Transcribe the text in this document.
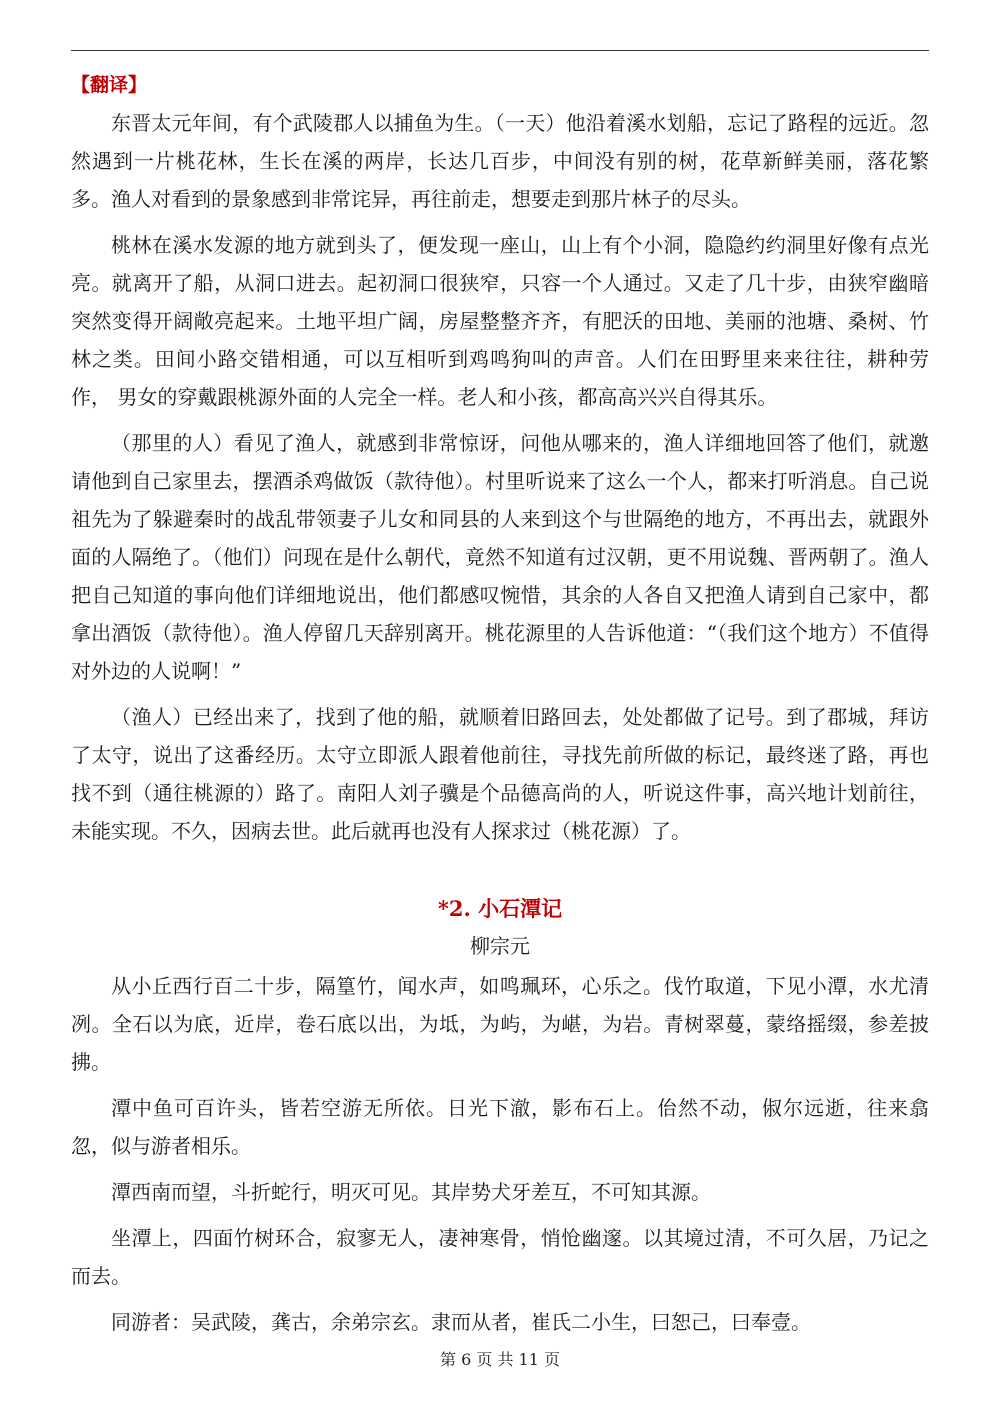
【翻译】

东晋太元年间，有个武陵郡人以捕鱼为生。（一天）他沿着溪水划船，忘记了路程的远近。忽然遇到一片桃花林，生长在溪的两岸，长达几百步，中间没有别的树，花草新鲜美丽，落花繁多。渔人对看到的景象感到非常诧异，再往前走，想要走到那片林子的尽头。

桃林在溪水发源的地方就到头了，便发现一座山，山上有个小洞，隐隐约约洞里好像有点光亮。就离开了船，从洞口进去。起初洞口很狭窄，只容一个人通过。又走了几十步，由狭窄幽暗突然变得开阔敞亮起来。土地平坦广阔，房屋整整齐齐，有肥沃的田地、美丽的池塘、桑树、竹林之类。田间小路交错相通，可以互相听到鸡鸣狗叫的声音。人们在田野里来来往往，耕种劳作， 男女的穿戴跟桃源外面的人完全一样。老人和小孩，都高高兴兴自得其乐。

（那里的人）看见了渔人，就感到非常惊讶，问他从哪来的，渔人详细地回答了他们，就邀请他到自己家里去，摆酒杀鸡做饭（款待他）。村里听说来了这么一个人，都来打听消息。自己说祖先为了躲避秦时的战乱带领妻子儿女和同县的人来到这个与世隔绝的地方，不再出去，就跟外面的人隔绝了。（他们）问现在是什么朝代，竟然不知道有过汉朝，更不用说魏、晋两朝了。渔人把自己知道的事向他们详细地说出，他们都感叹惋惜，其余的人各自又把渔人请到自己家中，都拿出酒饭（款待他）。渔人停留几天辞别离开。桃花源里的人告诉他道：“（我们这个地方）不值得对外边的人说啊！”

（渔人）已经出来了，找到了他的船，就顺着旧路回去，处处都做了记号。到了郡城，拜访了太守，说出了这番经历。太守立即派人跟着他前往，寻找先前所做的标记，最终迷了路，再也找不到（通往桃源的）路了。南阳人刘子骥是个品德高尚的人，听说这件事，高兴地计划前往，未能实现。不久，因病去世。此后就再也没有人探求过（桃花源）了。

*2. 小石潭记
柳宗元

从小丘西行百二十步，隔篁竹，闻水声，如鸣珮环，心乐之。伐竹取道，下见小潭，水尤清冽。全石以为底，近岸，卷石底以出，为坻，为屿，为嵁，为岩。青树翠蔓，蒙络摇缀，参差披拂。

潭中鱼可百许头，皆若空游无所依。日光下澈，影布石上。佁然不动，俶尔远逝，往来翕忽，似与游者相乐。

潭西南而望，斗折蛇行，明灭可见。其岸势犬牙差互，不可知其源。

坐潭上，四面竹树环合，寂寥无人，凄神寒骨，悄怆幽邃。以其境过清，不可久居，乃记之而去。

同游者：吴武陵，龚古，余弟宗玄。隶而从者，崔氏二小生，曰恕己，曰奉壹。

第 6 页 共 11 页
